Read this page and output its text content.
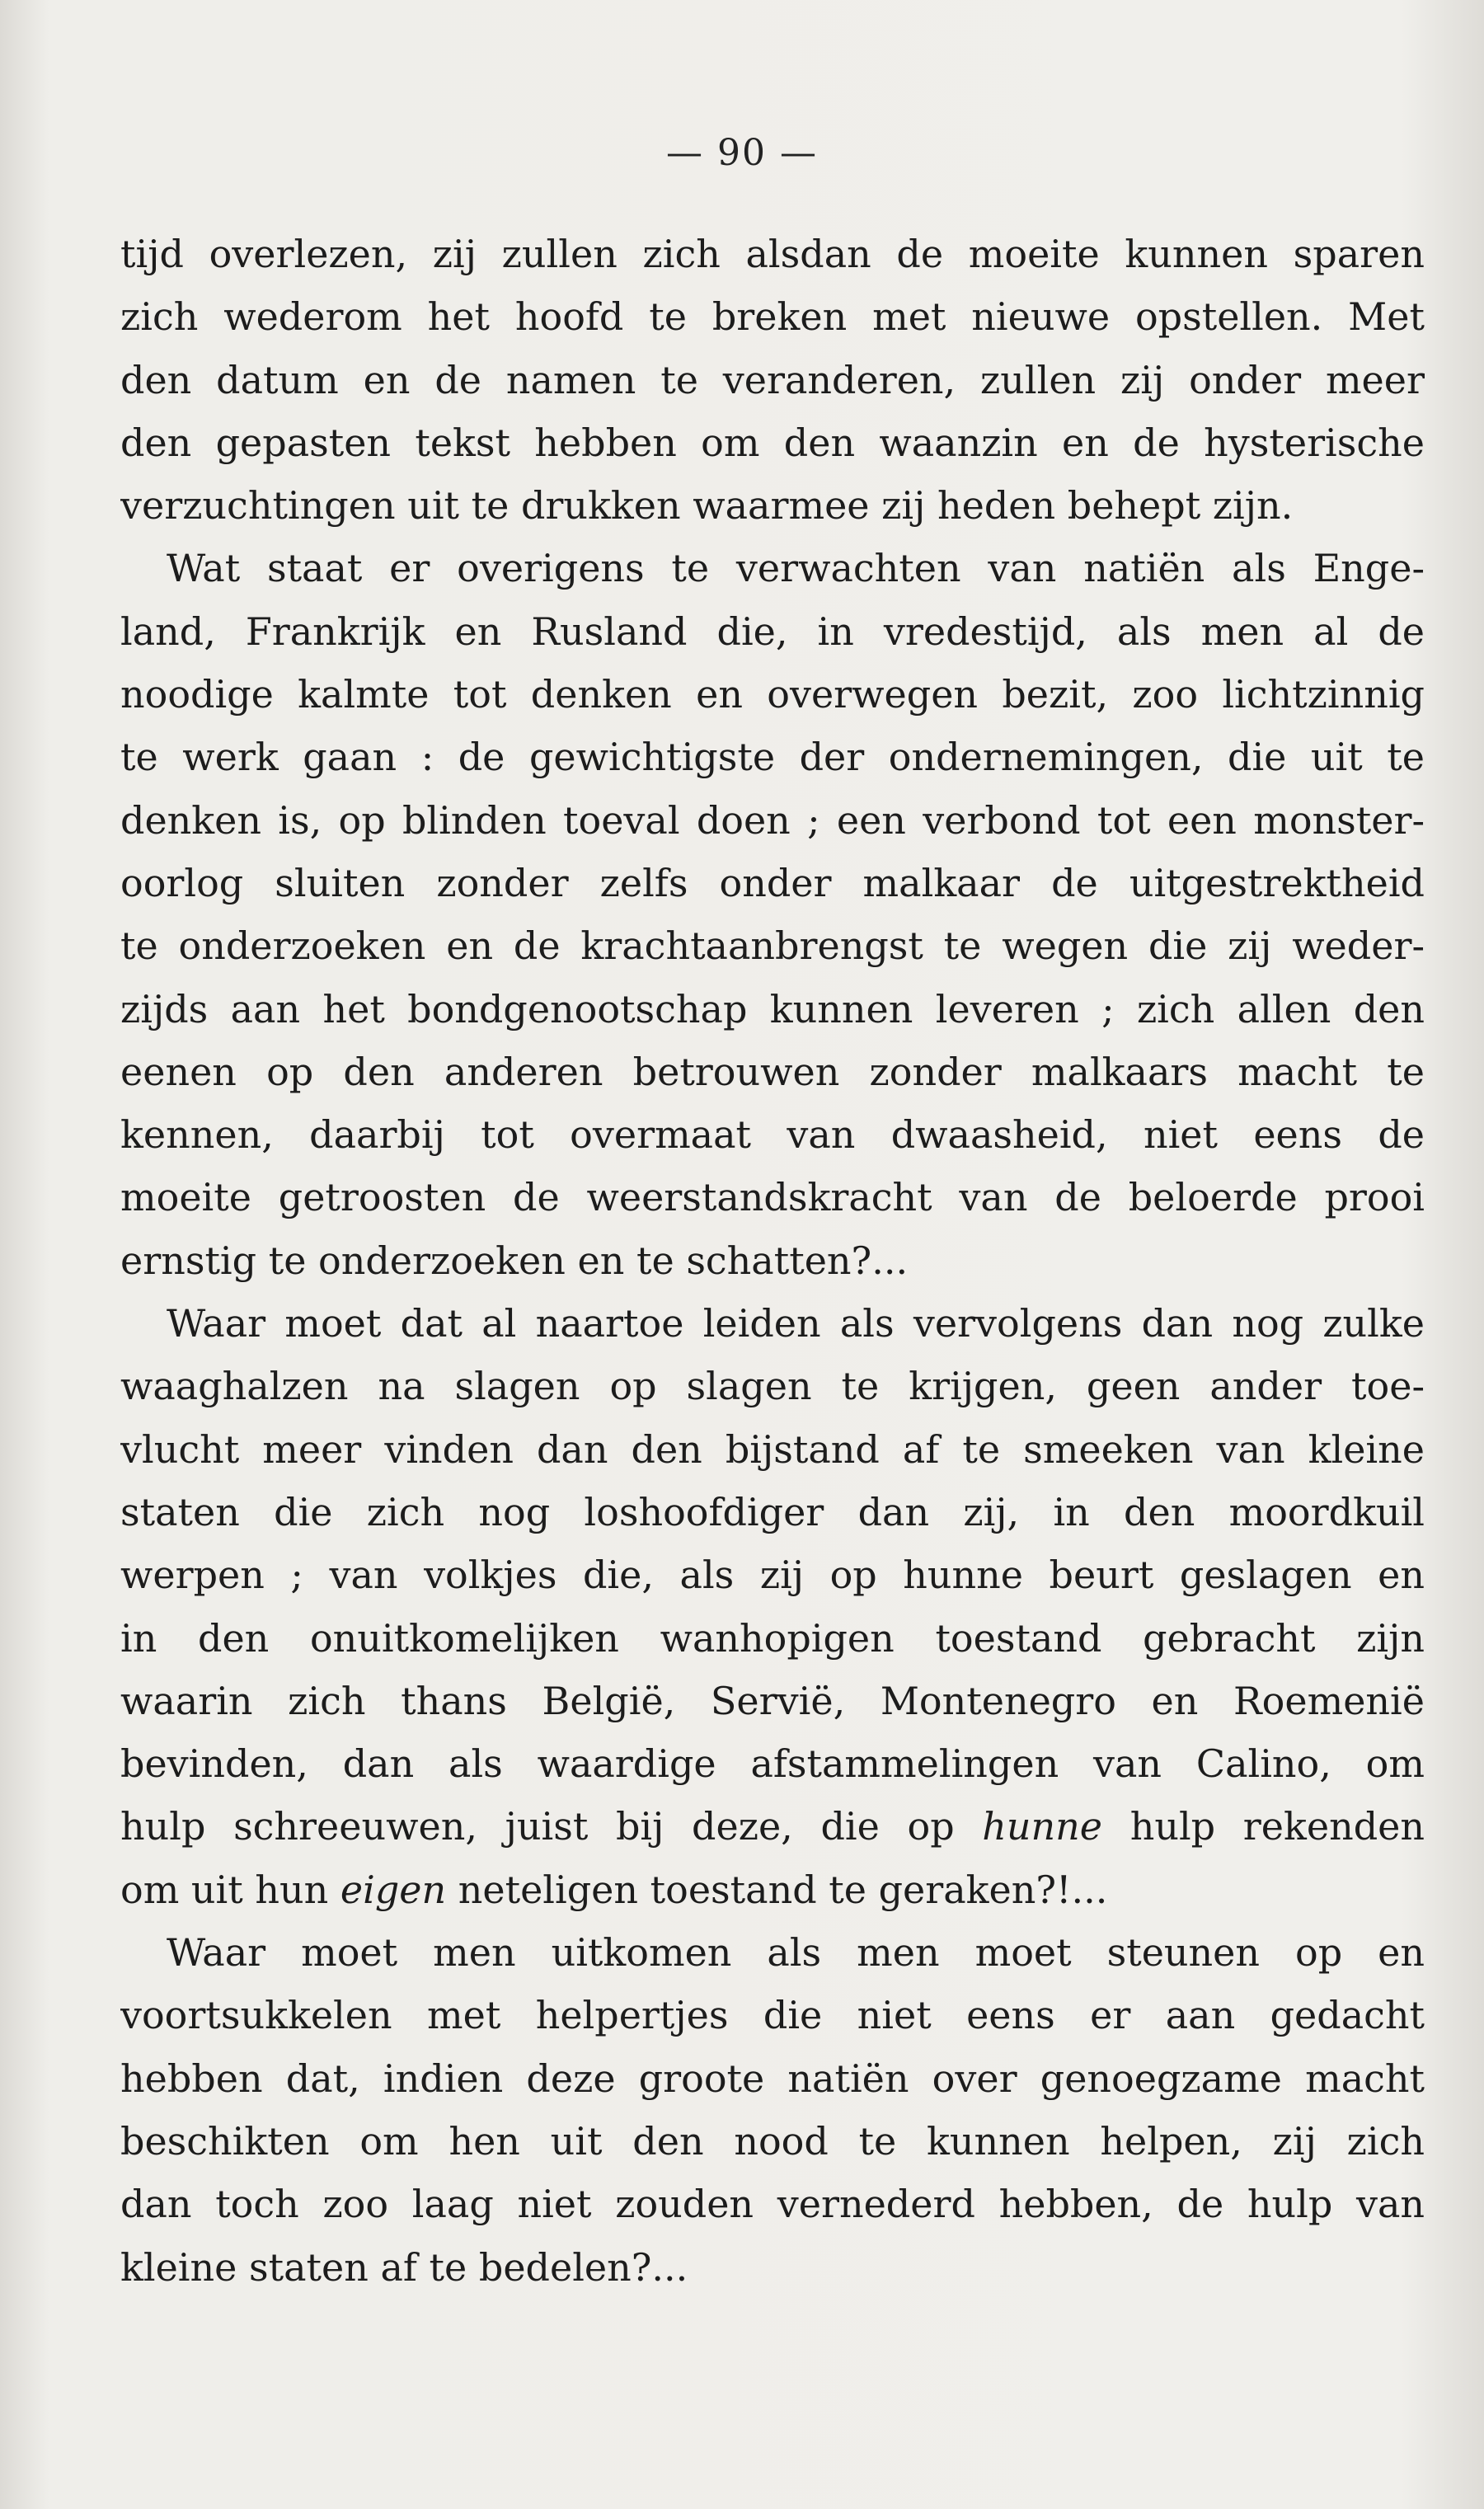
— 90 —
tijd overlezen, zij zullen zich alsdan de moeite kunnen sparen
zich wederom het hoofd te breken met nieuwe opstellen. Met
den datum en de namen te veranderen, zullen zij onder meer
den gepasten tekst hebben om den waanzin en de hysterische
verzuchtingen uit te drukken waarmee zij heden behept zijn.
Wat staat er overigens te verwachten van natiën als Enge-
land, Frankrijk en Rusland die, in vredestijd, als men al de
noodige kalmte tot denken en overwegen bezit, zoo lichtzinnig
te werk gaan : de gewichtigste der ondernemingen, die uit te
denken is, op blinden toeval doen ; een verbond tot een monster-
oorlog sluiten zonder zelfs onder malkaar de uitgestrektheid
te onderzoeken en de krachtaanbrengst te wegen die zij weder-
zijds aan het bondgenootschap kunnen leveren ; zich allen den
eenen op den anderen betrouwen zonder malkaars macht te
kennen, daarbij tot overmaat van dwaasheid, niet eens de
moeite getroosten de weerstandskracht van de beloerde prooi
ernstig te onderzoeken en te schatten?...
Waar moet dat al naartoe leiden als vervolgens dan nog zulke
waaghalzen na slagen op slagen te krijgen, geen ander toe-
vlucht meer vinden dan den bijstand af te smeeken van kleine
staten die zich nog loshoofdiger dan zij, in den moordkuil
werpen ; van volkjes die, als zij op hunne beurt geslagen en
in den onuitkomelijken wanhopigen toestand gebracht zijn
waarin zich thans België, Servië, Montenegro en Roemenië
bevinden, dan als waardige afstammelingen van Calino, om
hulp schreeuwen, juist bij deze, die op hunne hulp rekenden
om uit hun eigen neteligen toestand te geraken?!...
Waar moet men uitkomen als men moet steunen op en
voortsukkelen met helpertjes die niet eens er aan gedacht
hebben dat, indien deze groote natiën over genoegzame macht
beschikten om hen uit den nood te kunnen helpen, zij zich
dan toch zoo laag niet zouden vernederd hebben, de hulp van
kleine staten af te bedelen?...
